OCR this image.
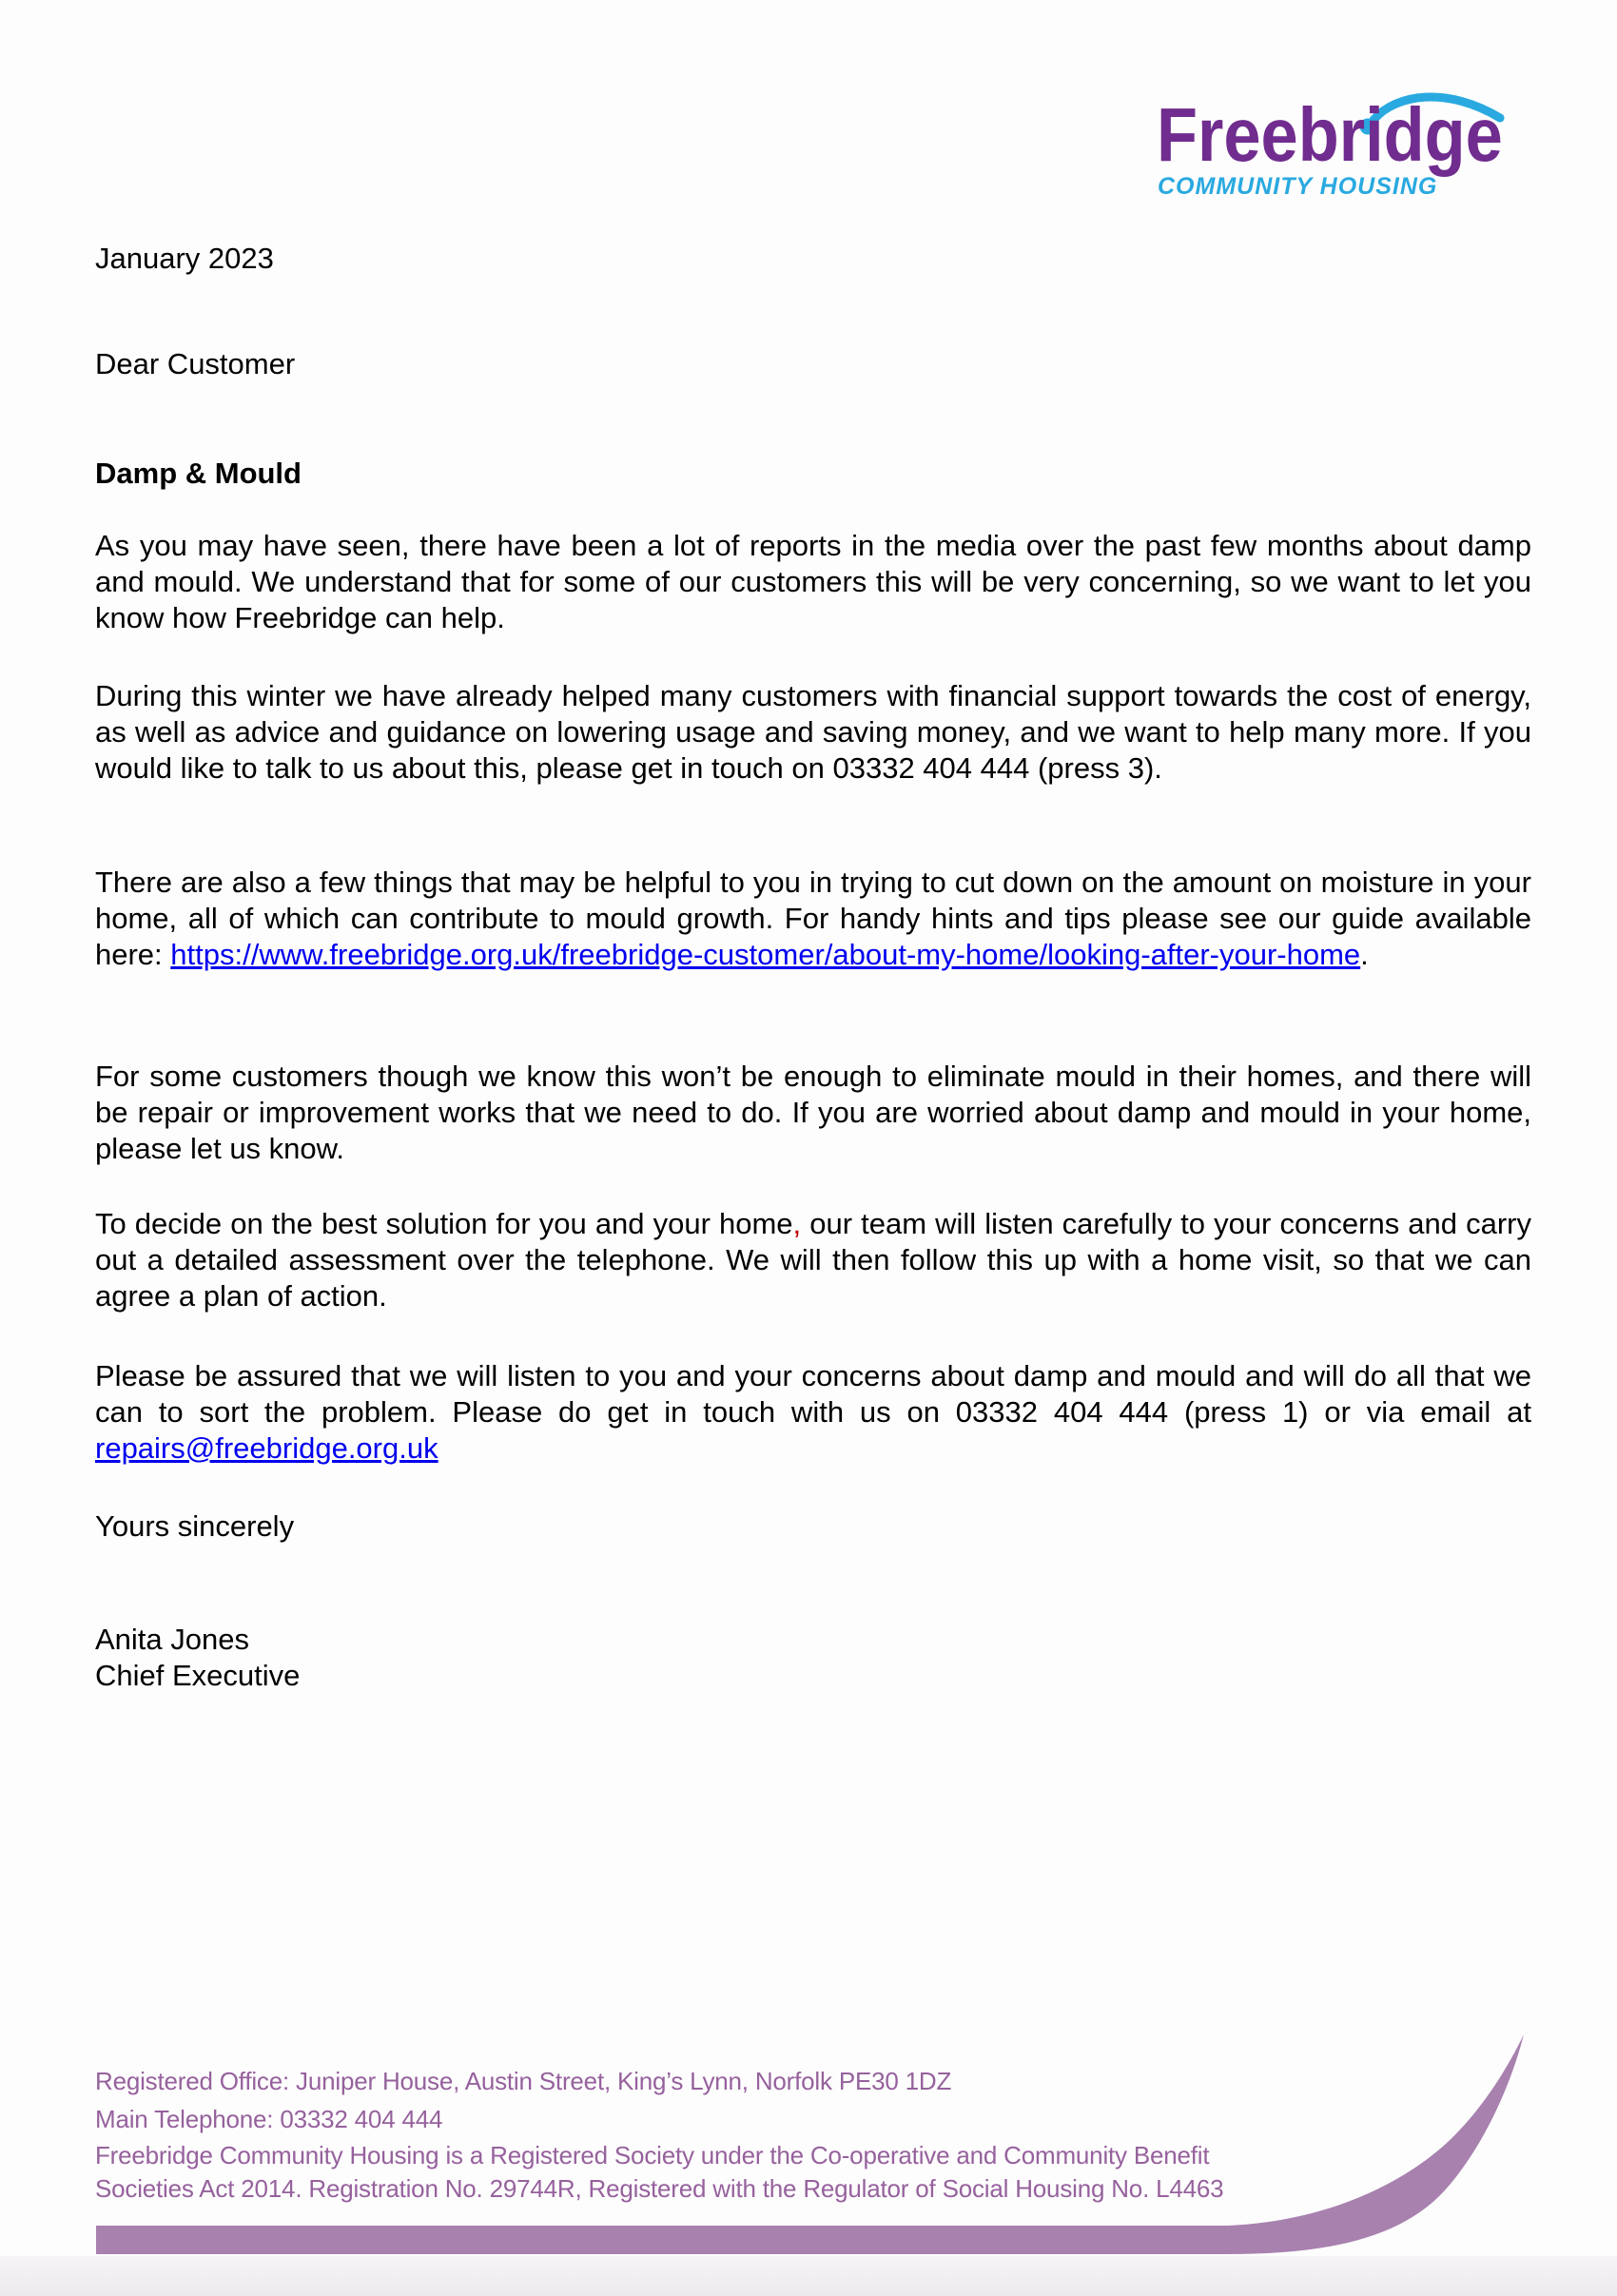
Freebridge
COMMUNITY HOUSING
January 2023
Dear Customer
Damp & Mould
As you may have seen, there have been a lot of reports in the media over the past few months about damp and mould. We understand that for some of our customers this will be very concerning, so we want to let you know how Freebridge can help.
During this winter we have already helped many customers with financial support towards the cost of energy, as well as advice and guidance on lowering usage and saving money, and we want to help many more. If you would like to talk to us about this, please get in touch on 03332 404 444 (press 3).
There are also a few things that may be helpful to you in trying to cut down on the amount on moisture in your home, all of which can contribute to mould growth. For handy hints and tips please see our guide available here: https://www.freebridge.org.uk/freebridge-customer/about-my-home/looking-after-your-home.
For some customers though we know this won’t be enough to eliminate mould in their homes, and there will be repair or improvement works that we need to do. If you are worried about damp and mould in your home, please let us know.
To decide on the best solution for you and your home, our team will listen carefully to your concerns and carry out a detailed assessment over the telephone. We will then follow this up with a home visit, so that we can agree a plan of action.
Please be assured that we will listen to you and your concerns about damp and mould and will do all that we can to sort the problem. Please do get in touch with us on 03332 404 444 (press 1) or via email at repairs@freebridge.org.uk
Yours sincerely
Anita Jones
Chief Executive
Registered Office: Juniper House, Austin Street, King’s Lynn, Norfolk PE30 1DZ
Main Telephone: 03332 404 444
Freebridge Community Housing is a Registered Society under the Co-operative and Community Benefit
Societies Act 2014. Registration No. 29744R, Registered with the Regulator of Social Housing No. L4463
